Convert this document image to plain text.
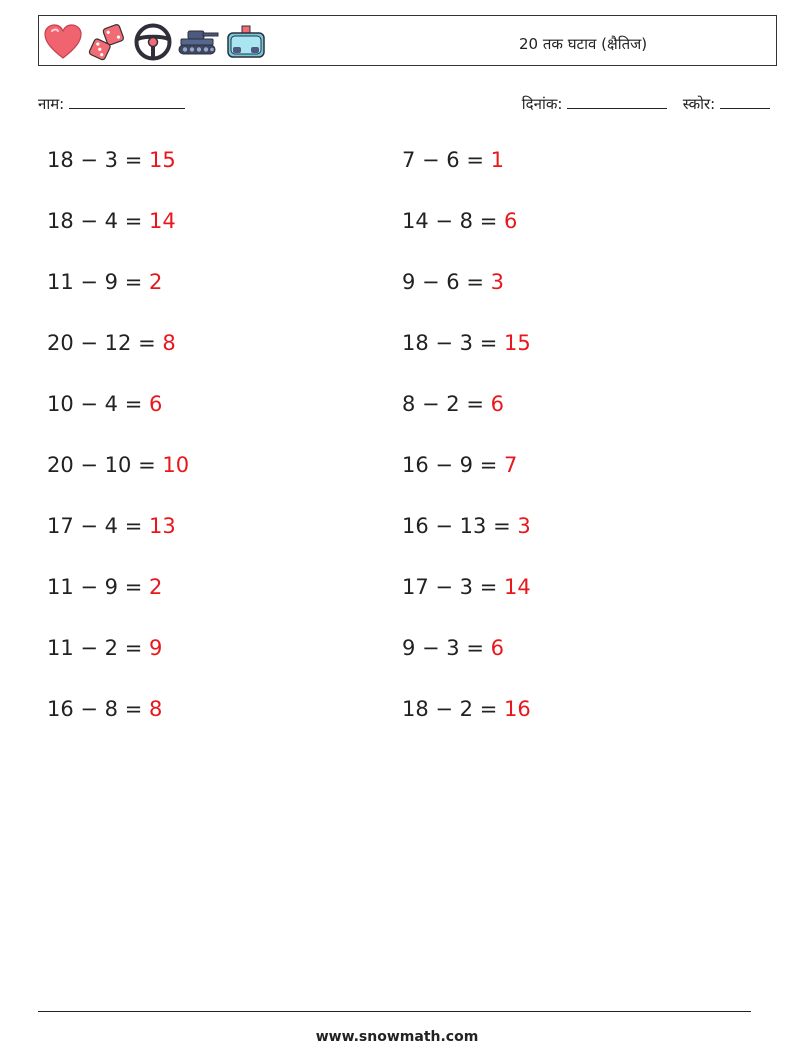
20 तक घटाव (क्षैतिज)
नाम:	दिनांक:	स्कोर:
18 − 3 = 15
18 − 4 = 14
11 − 9 = 2
20 − 12 = 8
10 − 4 = 6
20 − 10 = 10
17 − 4 = 13
11 − 9 = 2
11 − 2 = 9
16 − 8 = 8
7 − 6 = 1
14 − 8 = 6
9 − 6 = 3
18 − 3 = 15
8 − 2 = 6
16 − 9 = 7
16 − 13 = 3
17 − 3 = 14
9 − 3 = 6
18 − 2 = 16
www.snowmath.com
